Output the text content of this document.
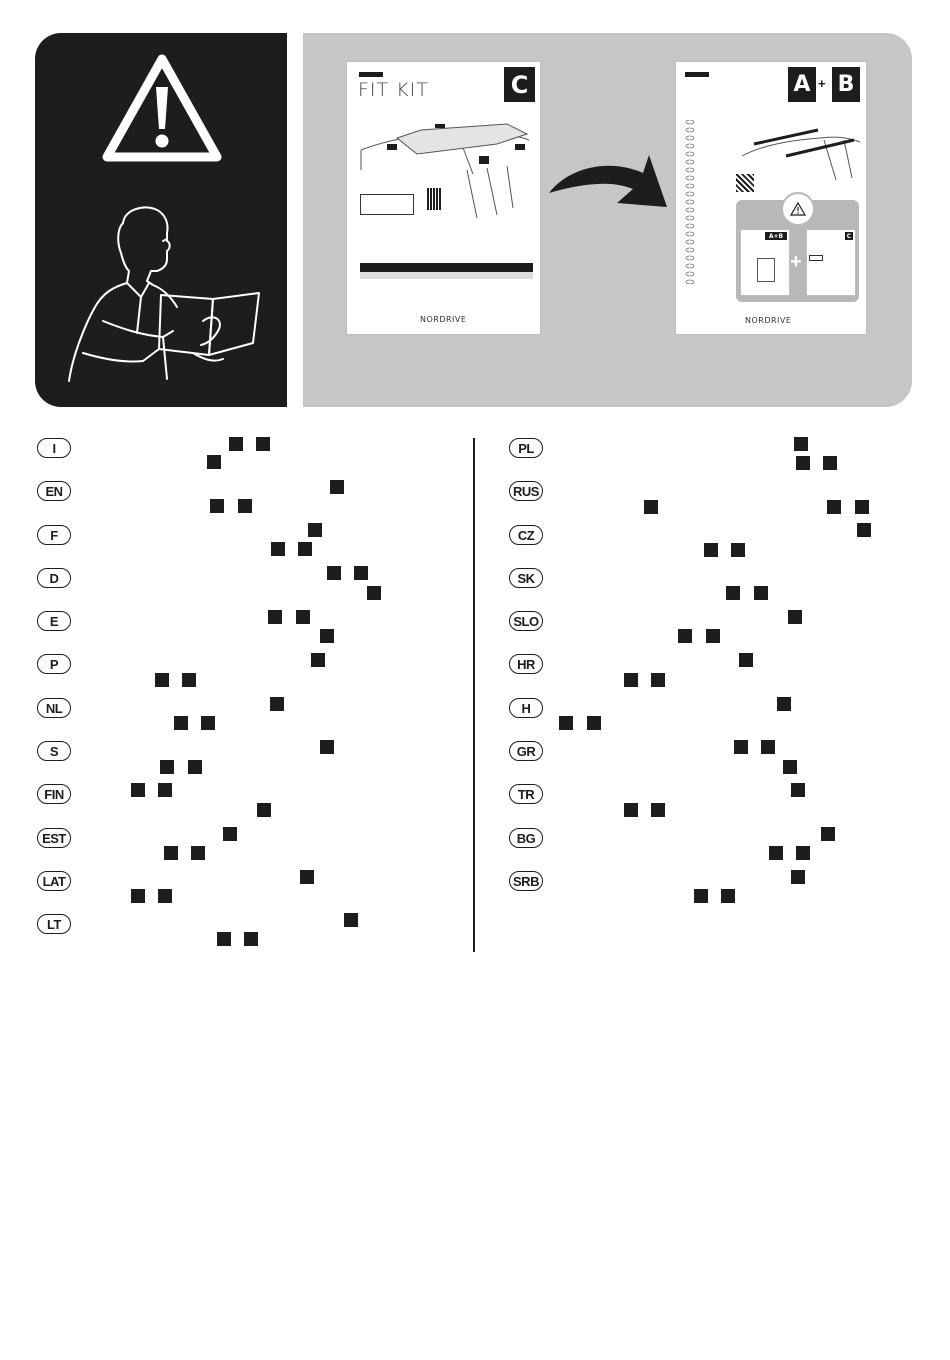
FIT KIT	C
NORDRIVE
A + B
A+B
+
C
NORDRIVE
I
EN
F
D
E
P
NL
S
FIN
EST
LAT
LT
PL
RUS
CZ
SK
SLO
HR
H
GR
TR
BG
SRB
